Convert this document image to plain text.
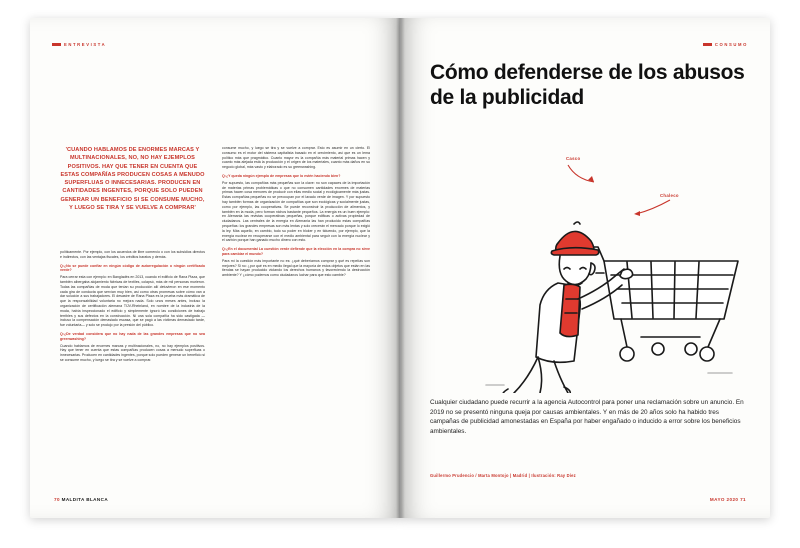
ENTREVISTA
'CUANDO HABLAMOS DE ENORMES MARCAS Y MULTINACIONALES, NO, NO HAY EJEMPLOS POSITIVOS. HAY QUE TENER EN CUENTA QUE ESTAS COMPAÑÍAS PRODUCEN COSAS A MENUDO SUPERFLUAS O INNECESARIAS. PRODUCEN EN CANTIDADES INGENTES, PORQUE SOLO PUEDEN GENERAR UN BENEFICIO SI SE CONSUME MUCHO, Y LUEGO SE TIRA Y SE VUELVE A COMPRAR'

políticamente. Por ejemplo, con los acuerdos de libre comercio o con los subsidios directos e indirectos, con las ventajas fiscales, los créditos baratos y demás.

Q:¿No se puede confiar en ningún código de autorregulación o ningún certificado verde?

Para cerrar esta con ejemplo: en Bangladés en 2013, cuando el edificio de Rana Plaza, que también albergaba alojamiento fábricas de textiles, colapsó, más de mil personas murieron. Todas las compañías de moda que tenían su producción allí detuvieron en ese momento cada gira de conducta que servían muy bien, así como otras promesas sobre cómo van a dar solución a sus trabajadores. El desastre de Rana Plaza es la prueba más dramática de que la responsabilidad voluntaria no mejora nada. Solo unos meses antes, incluso la organización de certificación alemana TÜV-Rheinland, en nombre de la industria de la moda, había inspeccionado el edificio y simplemente ignoró las condiciones de trabajo terribles y sus defectos en la construcción. Ni una sola compañía ha sido castigada —incluso la compensación demasiado escasa, que se pagó a las víctimas demasiado tarde, fue voluntaria— y solo se produjo por la presión del público.

Q:¿De verdad considera que no hay nada de las grandes empresas que no sea greenwashing?

Cuando hablamos de enormes marcas y multinacionales, no, no hay ejemplos positivos. Hay que tener en cuenta que estas compañías producen cosas a menudo superfluas o innecesarias. Producen en cantidades ingentes, porque solo pueden generar un beneficio si se consume mucho, y luego se tira y se vuelve a comprar.

consume mucho, y luego se tira y se vuelve a comprar. Esto es asumir en un cierto. El consumo es el motor del sistema capitalista basado en el crecimiento, así que es un lema político más que pragmático. Cuanto mayor es la compañía más material primas hacen y cuanto más alejada está la producción y el origen de los materiales, cuanto más daños en su negocio global, más vasto y elaborado es su greenwashing.

Q:¿Y queda ningún ejemplo de empresas que lo estén haciendo bien?

Por supuesto, las compañías más pequeñas son la clave: no son capaces de la importación de materias primas problemáticas o que no consumen cantidades enormes de materias primas hacen cosa menores de producir con ellas medio social y ecológicamente más justas. Estas compañías pequeñas no se preocupan por el lavado verde de imagen. Y por supuesto hay también formas de organización de compañías que son ecológicas y socialmente justas, como por ejemplo, las cooperativas. Se puede reconstruir la producción de alimentos, y también en la moda, pero forman nichos bastante pequeños. La energía es un buen ejemplo: en Alemania las revistas cooperativas pequeñas, porque edificas o activas propiedad de ciudadanos. Las centrales de la energía en Alemania las han producido estas compañías pequeñas: los grandes empresas son más lentas y solo crecerán el mercado porque lo exigió la ley. Más aquello, en cambio, todo su poder en bloker y en tiduendo, por ejemplo, que la energía nuclear en recuperarse con el medio ambiental para seguir con la energía nuclear y el carbón porque han ganado mucho dinero con esto.

Q:¿En el documental La cuestión verde defiende que la elección en la compra no sirve para cambiar el mundo?

Para mí la cuestión más importante no es: ¿qué deberíamos comprar y qué es repelías son mejores? Si no: ¿por qué es en medio ilegal que la mayoría de estos objetos que están en las tiendas se hayan producido violando los derechos humanos y favoreciendo la destrucción ambiente? Y ¿cómo podemos como ciudadanos luchar para que esto cambie?

70 MALDITA BLANCA
CONSUMO
Cómo defenderse de los abusos de la publicidad
Casco
Chaleco
Cualquier ciudadano puede recurrir a la agencia Autocontrol para poner una reclamación sobre un anuncio. En 2019 no se presentó ninguna queja por causas ambientales. Y en más de 20 años solo ha habido tres campañas de publicidad amonestadas en España por haber engañado o inducido a error sobre los beneficios ambientales.
Guillermo Prudencio / Marta Montojo | Madrid | Ilustración: Ray Díez
MAYO 2020 71
